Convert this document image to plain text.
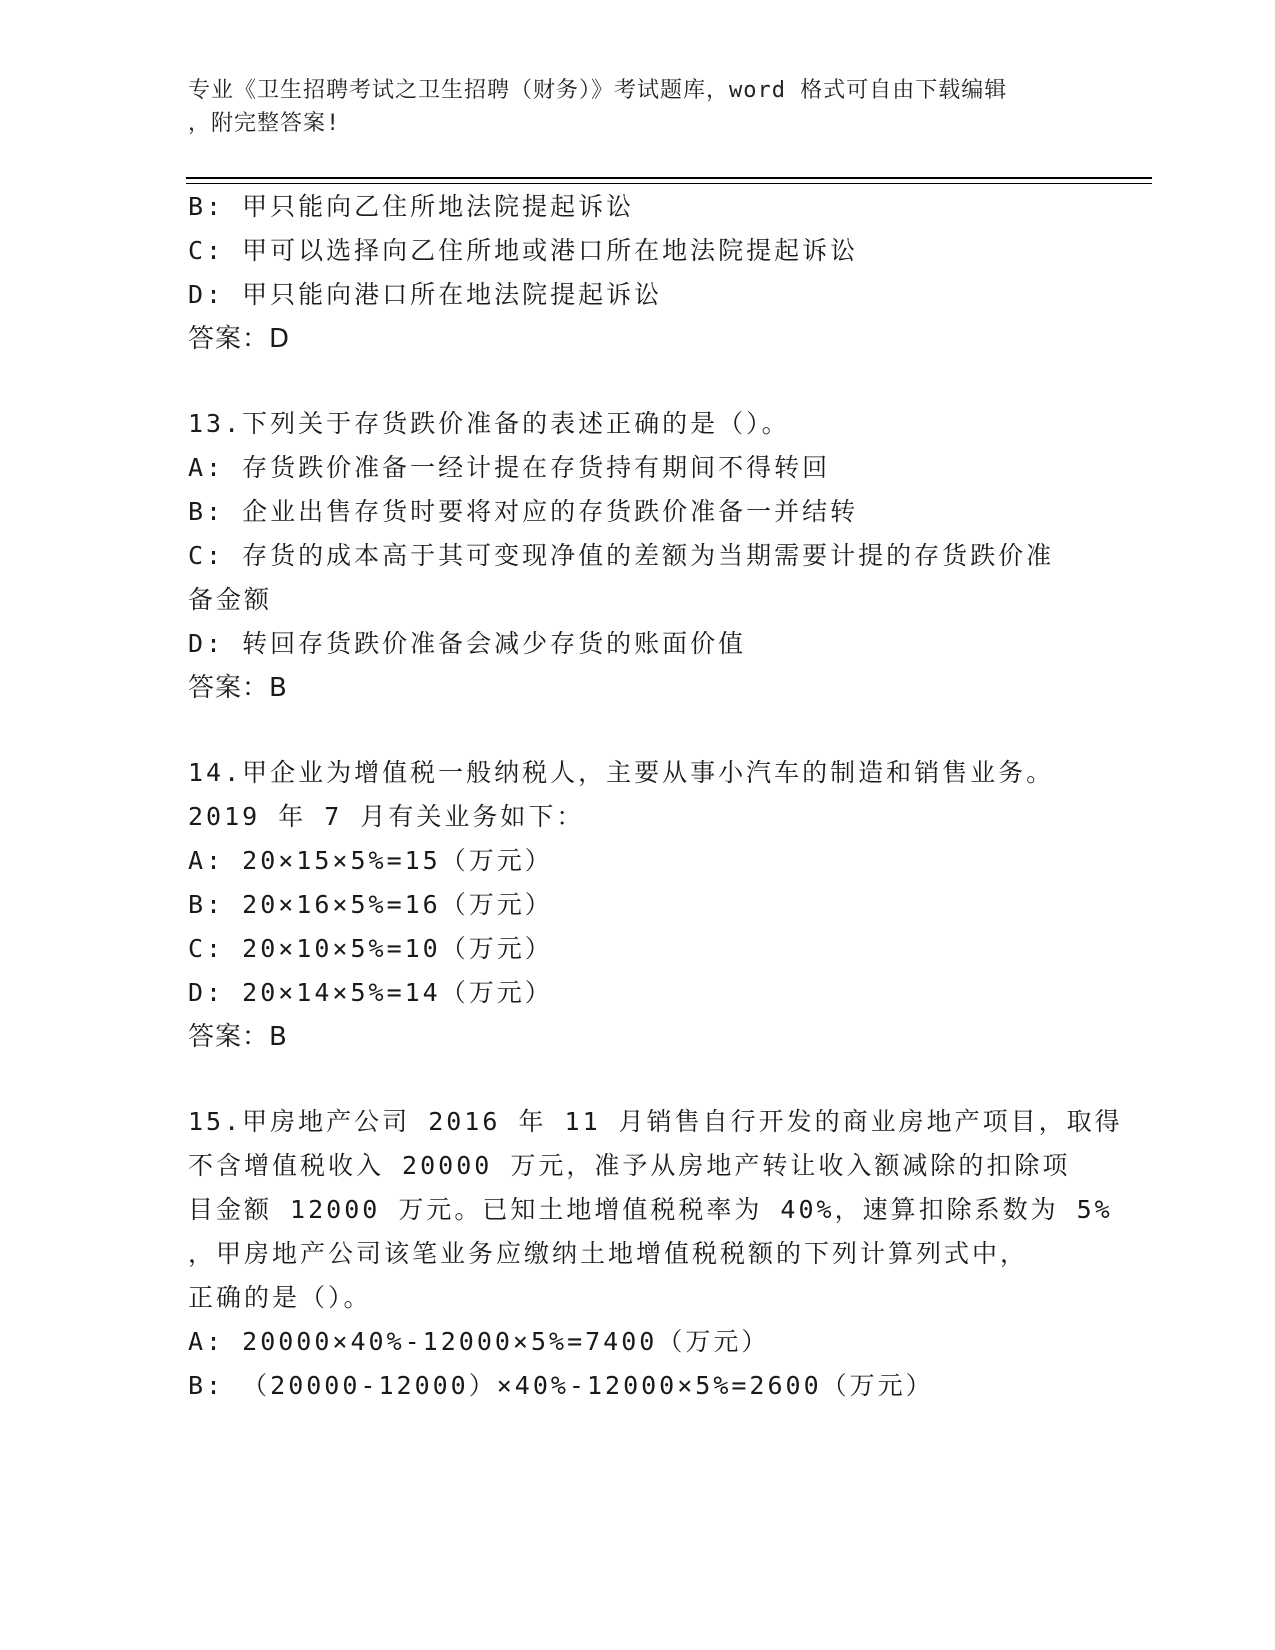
专业《卫生招聘考试之卫生招聘（财务）》考试题库，word 格式可自由下载编辑
，附完整答案!
B: 甲只能向乙住所地法院提起诉讼
C: 甲可以选择向乙住所地或港口所在地法院提起诉讼
D: 甲只能向港口所在地法院提起诉讼
答案：D
13.下列关于存货跌价准备的表述正确的是（）。
A: 存货跌价准备一经计提在存货持有期间不得转回
B: 企业出售存货时要将对应的存货跌价准备一并结转
C: 存货的成本高于其可变现净值的差额为当期需要计提的存货跌价准
备金额
D: 转回存货跌价准备会减少存货的账面价值
答案：B
14.甲企业为增值税一般纳税人，主要从事小汽车的制造和销售业务。
2019 年 7 月有关业务如下：
A: 20×15×5%=15（万元）
B: 20×16×5%=16（万元）
C: 20×10×5%=10（万元）
D: 20×14×5%=14（万元）
答案：B
15.甲房地产公司 2016 年 11 月销售自行开发的商业房地产项目，取得
不含增值税收入 20000 万元，准予从房地产转让收入额减除的扣除项
目金额 12000 万元。已知土地增值税税率为 40%，速算扣除系数为 5%
，甲房地产公司该笔业务应缴纳土地增值税税额的下列计算列式中，
正确的是（）。
A: 20000×40%-12000×5%=7400（万元）
B: （20000-12000）×40%-12000×5%=2600（万元）
